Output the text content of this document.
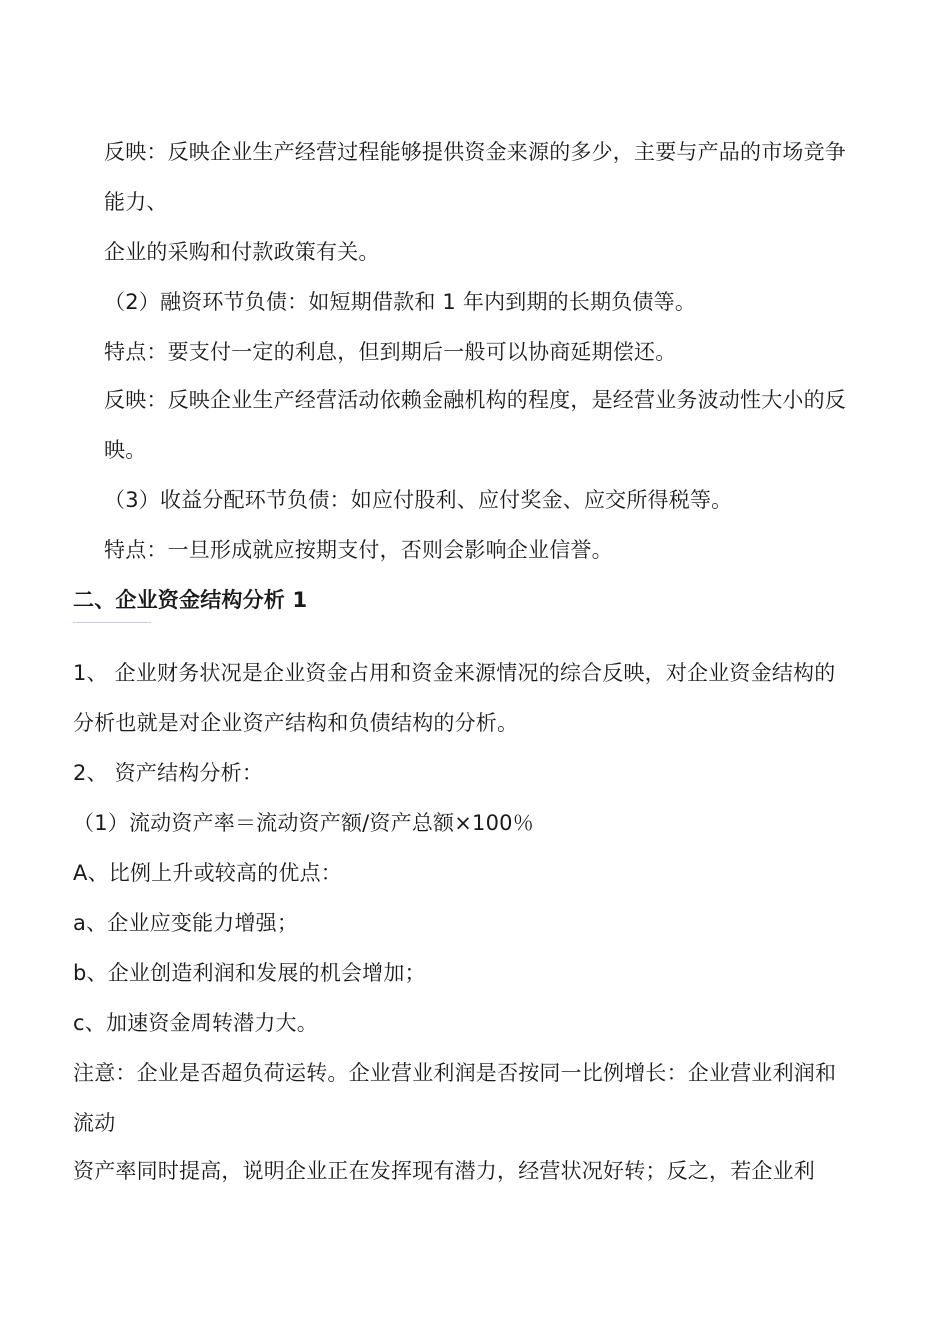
反映：反映企业生产经营过程能够提供资金来源的多少，主要与产品的市场竞争
能力、
企业的采购和付款政策有关。
（2）融资环节负债：如短期借款和 1 年内到期的长期负债等。
特点：要支付一定的利息，但到期后一般可以协商延期偿还。
反映：反映企业生产经营活动依赖金融机构的程度，是经营业务波动性大小的反
映。
（3）收益分配环节负债：如应付股利、应付奖金、应交所得税等。
特点：一旦形成就应按期支付，否则会影响企业信誉。
二、企业资金结构分析 1
1、 企业财务状况是企业资金占用和资金来源情况的综合反映，对企业资金结构的
分析也就是对企业资产结构和负债结构的分析。
2、 资产结构分析：
（1）流动资产率＝流动资产额/资产总额×100％
A、比例上升或较高的优点：
a、企业应变能力增强；
b、企业创造利润和发展的机会增加；
c、加速资金周转潜力大。
注意：企业是否超负荷运转。企业营业利润是否按同一比例增长：企业营业利润和
流动
资产率同时提高，说明企业正在发挥现有潜力，经营状况好转；反之，若企业利
